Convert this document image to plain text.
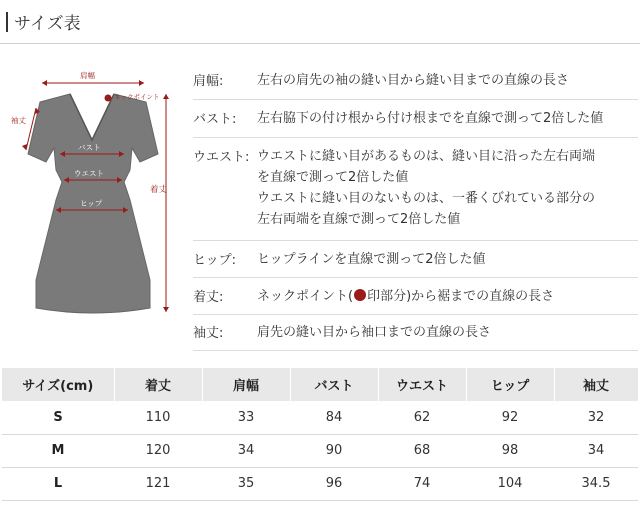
サイズ表
肩幅
ネックポイント
袖丈
バスト
ウエスト
ヒップ
着丈
肩幅:	左右の肩先の袖の縫い目から縫い目までの直線の長さ
バスト: 左右脇下の付け根から付け根までを直線で測って2倍した値
ウエスト: ウエストに縫い目があるものは、縫い目に沿った左右両端
を直線で測って2倍した値
ウエストに縫い目のないものは、一番くびれている部分の
左右両端を直線で測って2倍した値
ヒップ: ヒップラインを直線で測って2倍した値
着丈:	ネックポイント( 印部分)から裾までの直線の長さ
袖丈:	肩先の縫い目から袖口までの直線の長さ
サイズ(cm)	着丈	肩幅	バスト	ウエスト	ヒップ	袖丈
S	110	33	84	62	92	32
M	120	34	90	68	98	34
L	121	35	96	74	104	34.5
